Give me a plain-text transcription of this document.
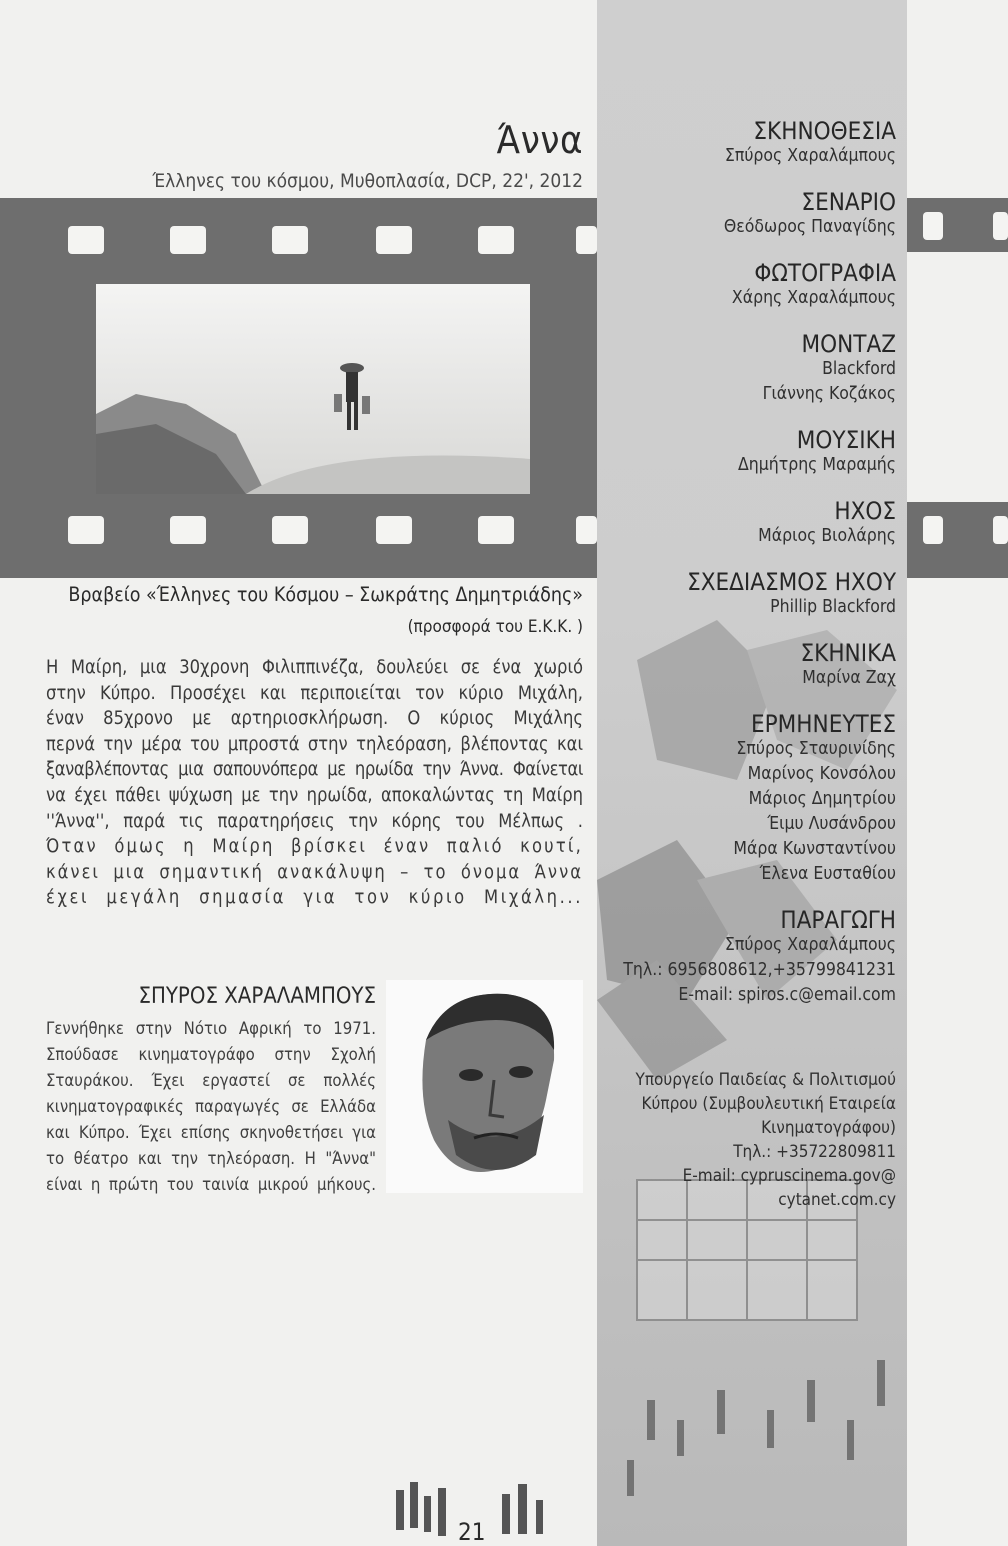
Άννα
Έλληνες του κόσμου, Μυθοπλασία, DCP, 22', 2012
Βραβείο «Έλληνες του Κόσμου – Σωκράτης Δημητριάδης»
(προσφορά του Ε.Κ.Κ. )

Η Μαίρη, μια 30χρονη Φιλιππινέζα, δουλεύει σε ένα χωριό

στην Κύπρο. Προσέχει και περιποιείται τον κύριο Μιχάλη,

έναν 85χρονο με αρτηριοσκλήρωση. Ο κύριος Μιχάλης

περνά την μέρα του μπροστά στην τηλεόραση, βλέποντας και

ξαναβλέποντας μια σαπουνόπερα με ηρωίδα την Άννα. Φαίνεται

να έχει πάθει ψύχωση με την ηρωίδα, αποκαλώντας τη Μαίρη

''Άννα'', παρά τις παρατηρήσεις την κόρης του Μέλπως .

Όταν όμως η Μαίρη βρίσκει έναν παλιό κουτί,

κάνει μια σημαντική ανακάλυψη – το όνομα Άννα

έχει μεγάλη σημασία για τον κύριο Μιχάλη...

ΣΠΥΡΟΣ ΧΑΡΑΛΑΜΠΟΥΣ

Γεννήθηκε στην Νότιο Αφρική το 1971.

Σπούδασε κινηματογράφο στην Σχολή

Σταυράκου. Έχει εργαστεί σε πολλές

κινηματογραφικές παραγωγές σε Ελλάδα

και Κύπρο. Έχει επίσης σκηνοθετήσει για

το θέατρο και την τηλεόραση. Η "Άννα"

είναι η πρώτη του ταινία μικρού μήκους.

ΣΚΗΝΟΘΕΣΙΑ
Σπύρος Χαραλάμπους
ΣΕΝΑΡΙΟ
Θεόδωρος Παναγίδης
ΦΩΤΟΓΡΑΦΙΑ
Χάρης Χαραλάμπους
ΜΟΝΤΑΖ
Blackford
Γιάννης Κοζάκος
ΜΟΥΣΙΚΗ
Δημήτρης Μαραμής
ΗΧΟΣ
Μάριος Βιολάρης
ΣΧΕΔΙΑΣΜΟΣ ΗΧΟΥ
Phillip Blackford
ΣΚΗΝΙΚΑ
Μαρίνα Ζαχ
ΕΡΜΗΝΕΥΤΕΣ
Σπύρος Σταυρινίδης
Μαρίνος Κονσόλου
Μάριος Δημητρίου
Έιμυ Λυσάνδρου
Μάρα Κωνσταντίνου
Έλενα Ευσταθίου
ΠΑΡΑΓΩΓΗ
Σπύρος Χαραλάμπους
Τηλ.: 6956808612,+35799841231
E-mail: spiros.c@email.com
Υπουργείο Παιδείας & Πολιτισμού
Κύπρου (Συμβουλευτική Εταιρεία
Κινηματογράφου)
Τηλ.: +35722809811
E-mail: cypruscinema.gov@
cytanet.com.cy
21
